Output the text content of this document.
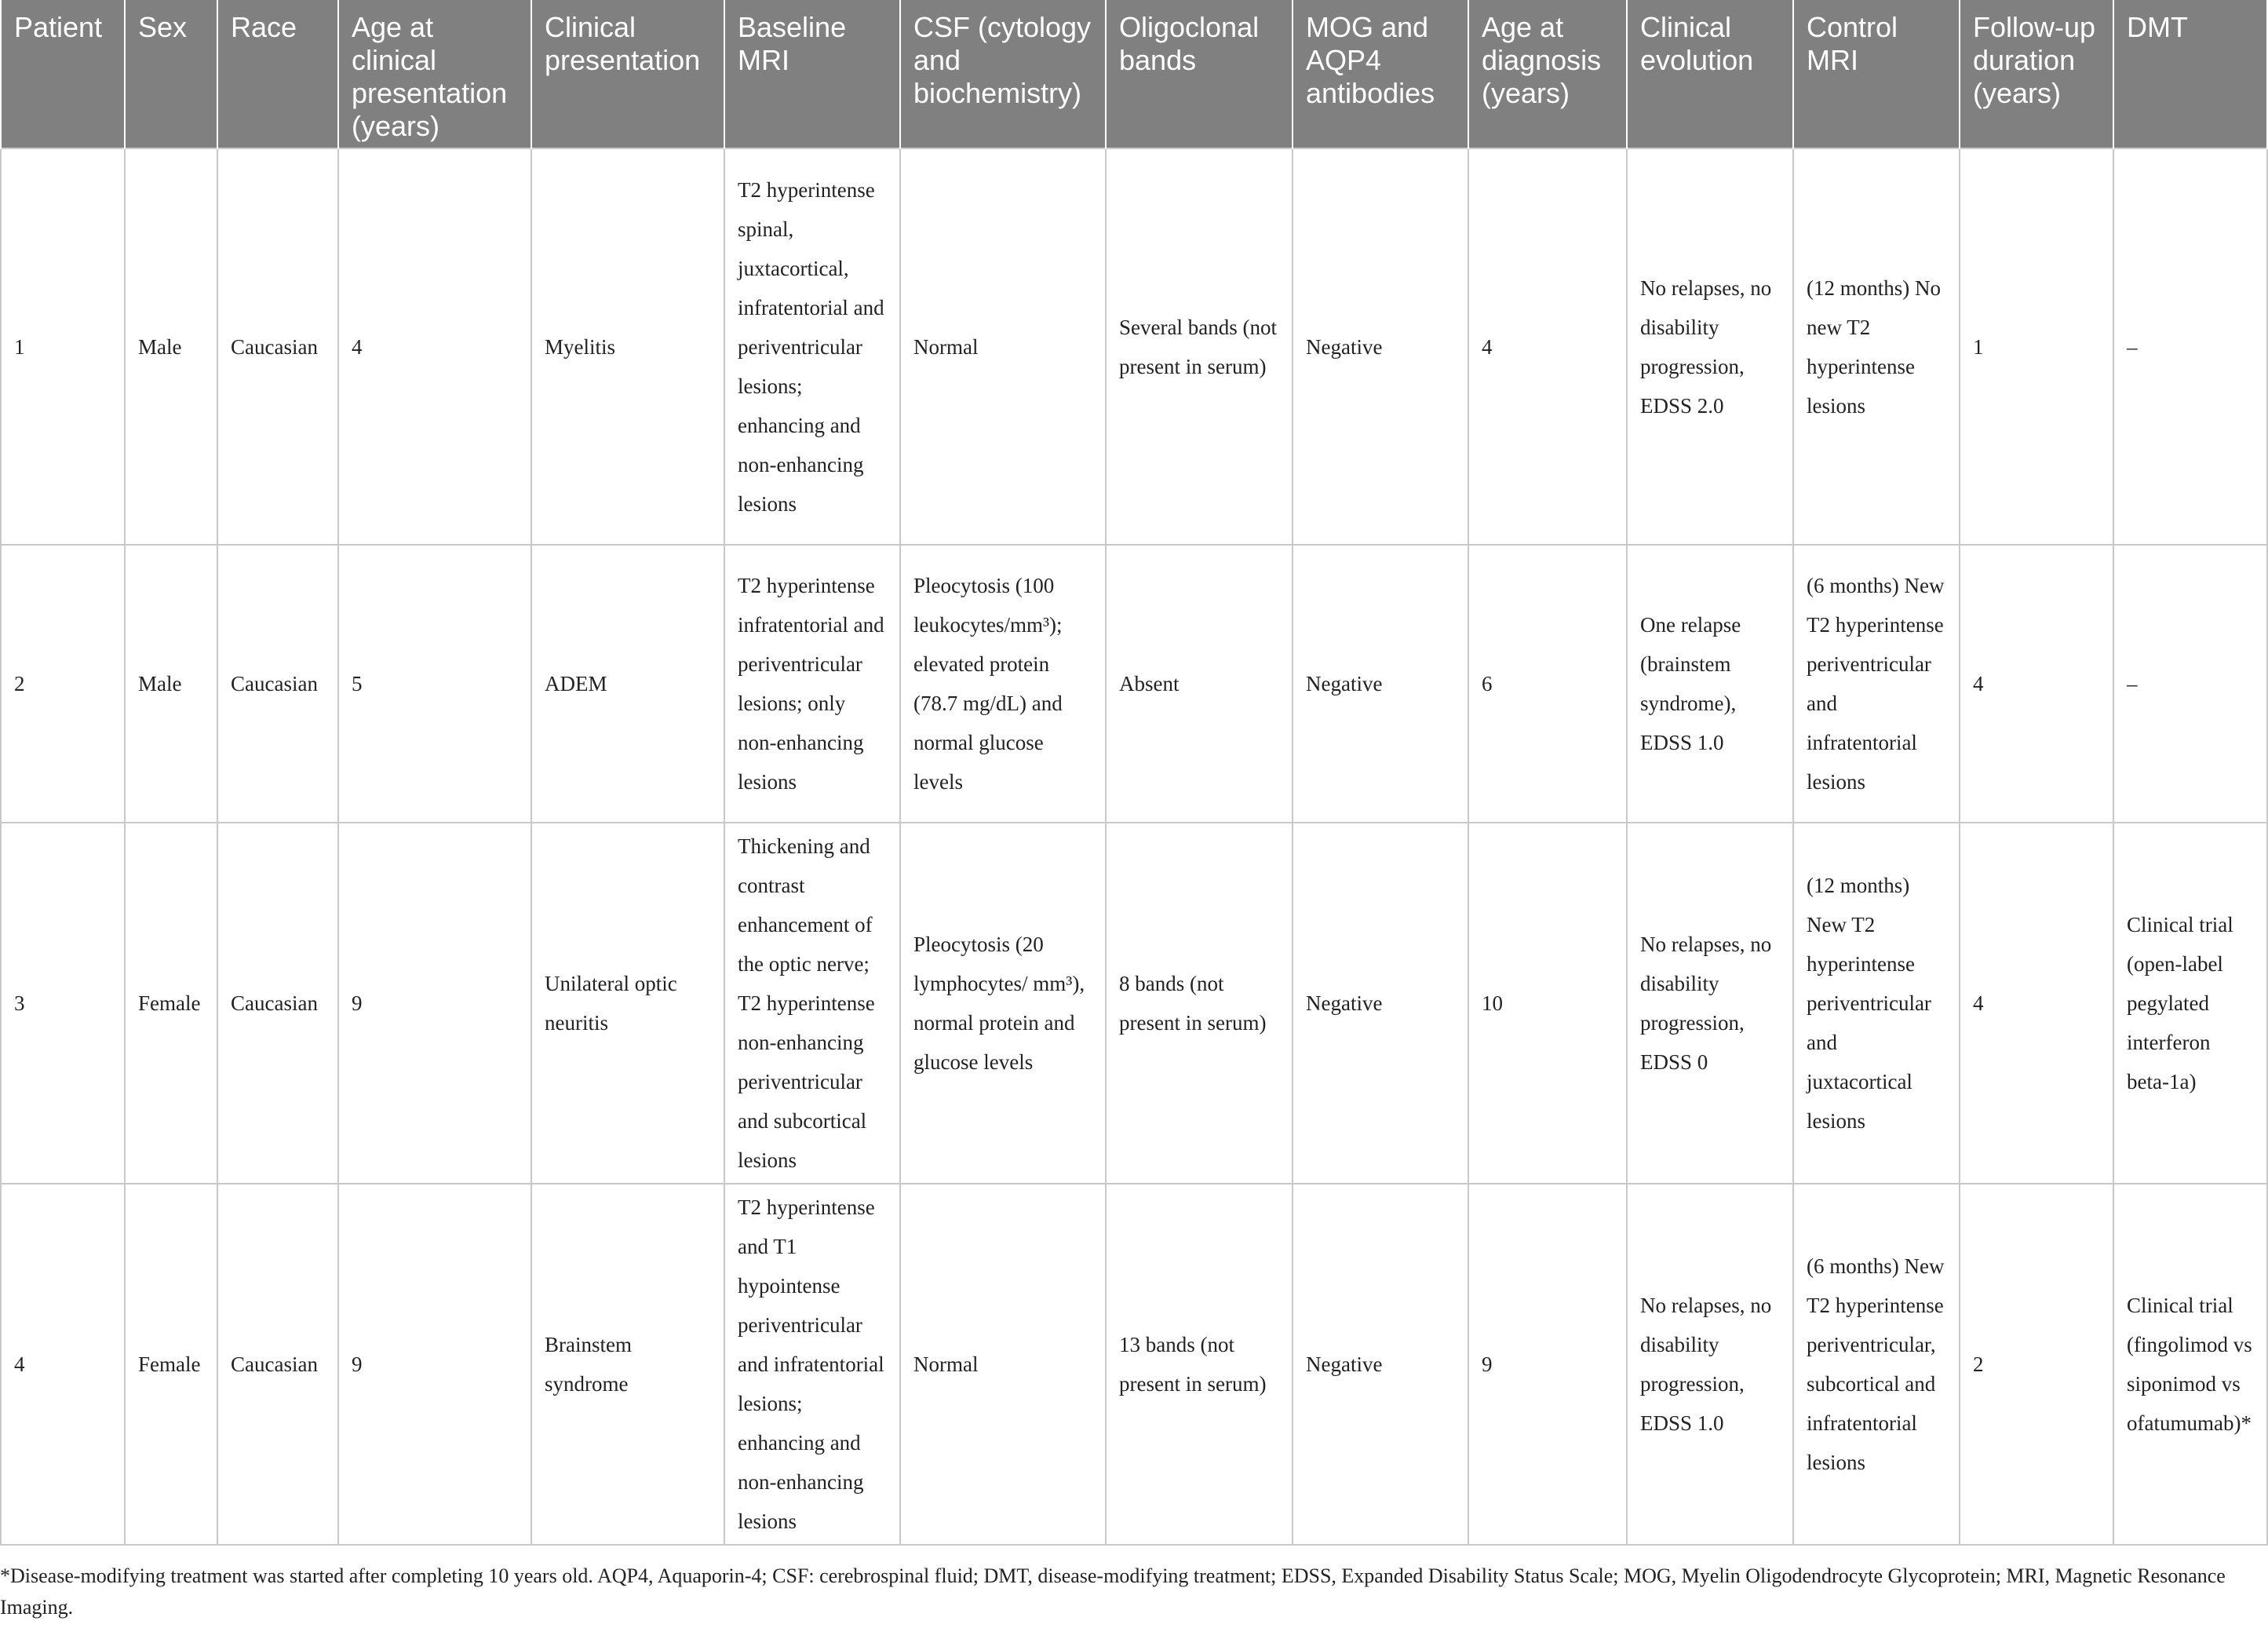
Patient	Sex	Race	Age at clinical presentation (years)	Clinical presentation	Baseline MRI	CSF (cytology and biochemistry)	Oligoclonal bands	MOG and AQP4 antibodies	Age at diagnosis (years)	Clinical evolution	Control MRI	Follow-up duration (years)	DMT
1	Male	Caucasian	4	Myelitis	T2 hyperintense spinal, juxtacortical, infratentorial and periventricular lesions; enhancing and non-enhancing lesions	Normal	Several bands (not present in serum)	Negative	4	No relapses, no disability progression, EDSS 2.0	(12 months) No new T2 hyperintense lesions	1	–
2	Male	Caucasian	5	ADEM	T2 hyperintense infratentorial and periventricular lesions; only non-enhancing lesions	Pleocytosis (100 leukocytes/mm³); elevated protein (78.7 mg/dL) and normal glucose levels	Absent	Negative	6	One relapse (brainstem syndrome), EDSS 1.0	(6 months) New T2 hyperintense periventricular and infratentorial lesions	4	–
3	Female	Caucasian	9	Unilateral optic neuritis	Thickening and contrast enhancement of the optic nerve; T2 hyperintense non-enhancing periventricular and subcortical lesions	Pleocytosis (20 lymphocytes/ mm³), normal protein and glucose levels	8 bands (not present in serum)	Negative	10	No relapses, no disability progression, EDSS 0	(12 months) New T2 hyperintense periventricular and juxtacortical lesions	4	Clinical trial (open-label pegylated interferon beta-1a)
4	Female	Caucasian	9	Brainstem syndrome	T2 hyperintense and T1 hypointense periventricular and infratentorial lesions; enhancing and non-enhancing lesions	Normal	13 bands (not present in serum)	Negative	9	No relapses, no disability progression, EDSS 1.0	(6 months) New T2 hyperintense periventricular, subcortical and infratentorial lesions	2	Clinical trial (fingolimod vs siponimod vs ofatumumab)*
*Disease-modifying treatment was started after completing 10 years old. AQP4, Aquaporin-4; CSF: cerebrospinal fluid; DMT, disease-modifying treatment; EDSS, Expanded Disability Status Scale; MOG, Myelin Oligodendrocyte Glycoprotein; MRI, Magnetic Resonance Imaging.
